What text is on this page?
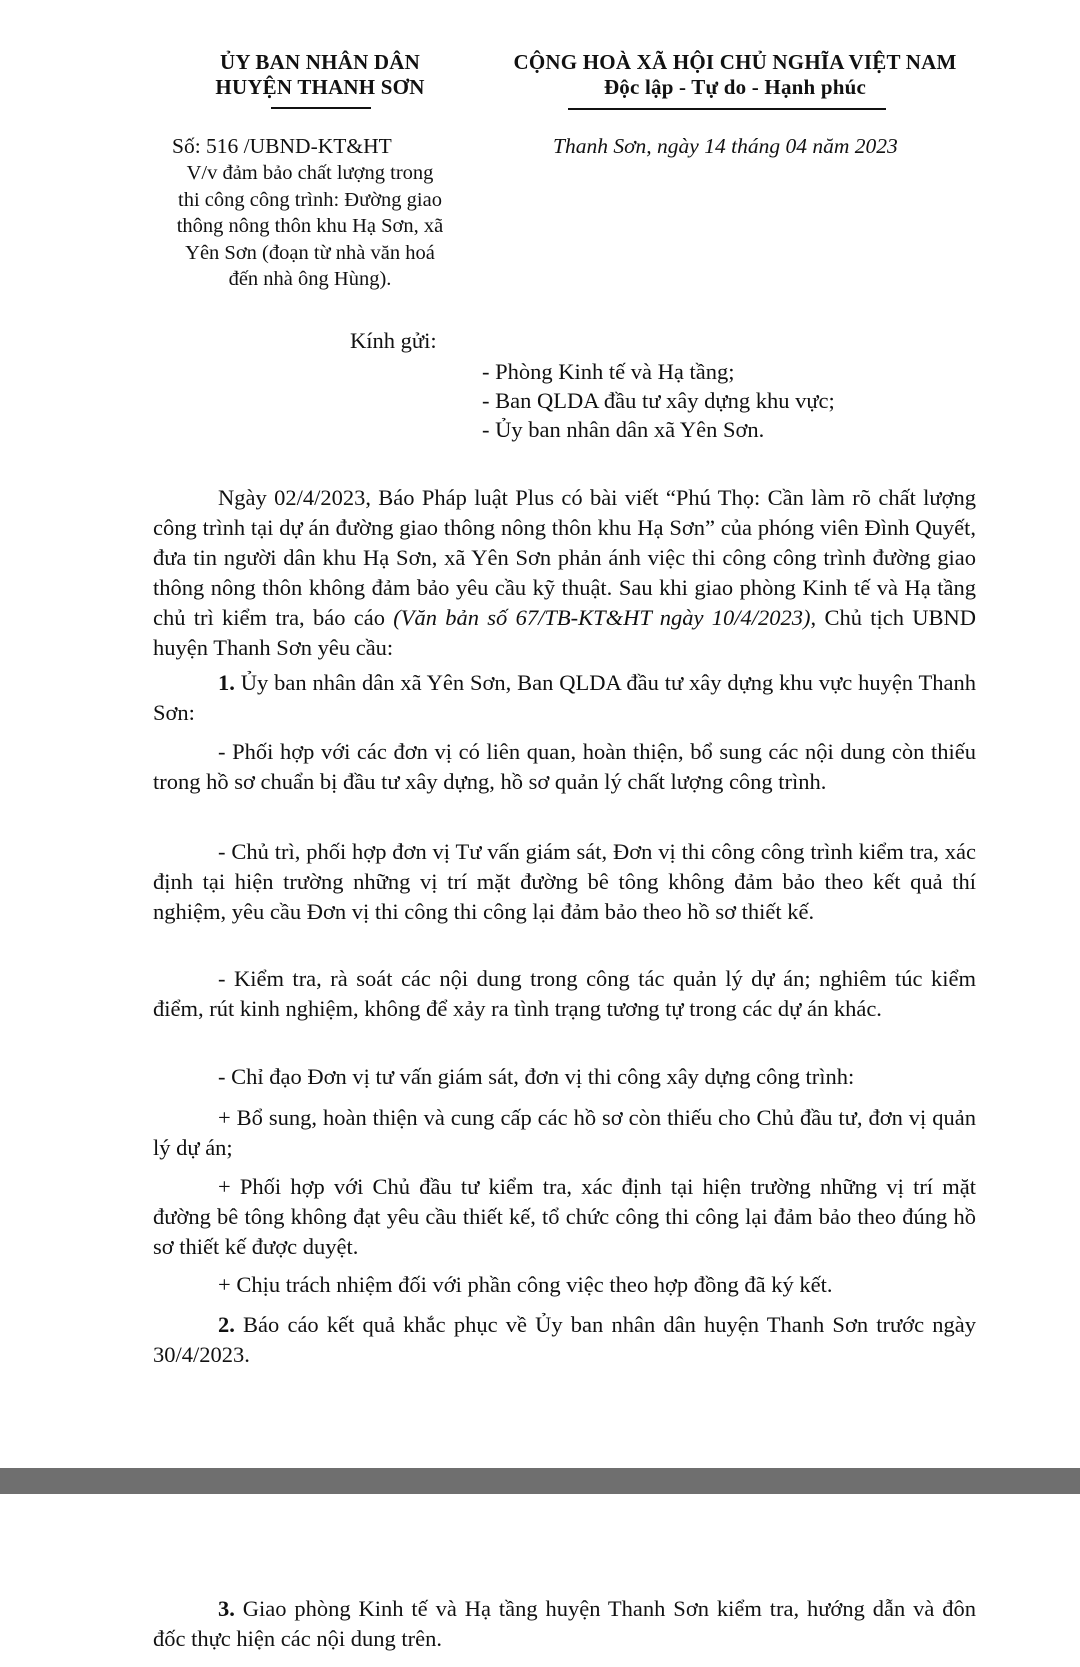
ỦY BAN NHÂN DÂN
HUYỆN THANH SƠN
CỘNG HOÀ XÃ HỘI CHỦ NGHĨA VIỆT NAM
Độc lập - Tự do - Hạnh phúc
Số: 516 /UBND-KT&HT	Thanh Sơn, ngày 14 tháng 04 năm 2023
V/v đảm bảo chất lượng trong
thi công công trình: Đường giao
thông nông thôn khu Hạ Sơn, xã
Yên Sơn (đoạn từ nhà văn hoá
đến nhà ông Hùng).
Kính gửi:
- Phòng Kinh tế và Hạ tầng;
- Ban QLDA đầu tư xây dựng khu vực;
- Ủy ban nhân dân xã Yên Sơn.
Ngày 02/4/2023, Báo Pháp luật Plus có bài viết “Phú Thọ: Cần làm rõ chất lượng công trình tại dự án đường giao thông nông thôn khu Hạ Sơn” của phóng viên Đình Quyết, đưa tin người dân khu Hạ Sơn, xã Yên Sơn phản ánh việc thi công công trình đường giao thông nông thôn không đảm bảo yêu cầu kỹ thuật. Sau khi giao phòng Kinh tế và Hạ tầng chủ trì kiểm tra, báo cáo (Văn bản số 67/TB-KT&HT ngày 10/4/2023), Chủ tịch UBND huyện Thanh Sơn yêu cầu:
1. Ủy ban nhân dân xã Yên Sơn, Ban QLDA đầu tư xây dựng khu vực huyện Thanh Sơn:
- Phối hợp với các đơn vị có liên quan, hoàn thiện, bổ sung các nội dung còn thiếu trong hồ sơ chuẩn bị đầu tư xây dựng, hồ sơ quản lý chất lượng công trình.
- Chủ trì, phối hợp đơn vị Tư vấn giám sát, Đơn vị thi công công trình kiểm tra, xác định tại hiện trường những vị trí mặt đường bê tông không đảm bảo theo kết quả thí nghiệm, yêu cầu Đơn vị thi công thi công lại đảm bảo theo hồ sơ thiết kế.
- Kiểm tra, rà soát các nội dung trong công tác quản lý dự án; nghiêm túc kiểm điểm, rút kinh nghiệm, không để xảy ra tình trạng tương tự trong các dự án khác.
- Chỉ đạo Đơn vị tư vấn giám sát, đơn vị thi công xây dựng công trình:
+ Bổ sung, hoàn thiện và cung cấp các hồ sơ còn thiếu cho Chủ đầu tư, đơn vị quản lý dự án;
+ Phối hợp với Chủ đầu tư kiểm tra, xác định tại hiện trường những vị trí mặt đường bê tông không đạt yêu cầu thiết kế, tổ chức công thi công lại đảm bảo theo đúng hồ sơ thiết kế được duyệt.
+ Chịu trách nhiệm đối với phần công việc theo hợp đồng đã ký kết.
2. Báo cáo kết quả khắc phục về Ủy ban nhân dân huyện Thanh Sơn trước ngày 30/4/2023.
3. Giao phòng Kinh tế và Hạ tầng huyện Thanh Sơn kiểm tra, hướng dẫn và đôn đốc thực hiện các nội dung trên.
